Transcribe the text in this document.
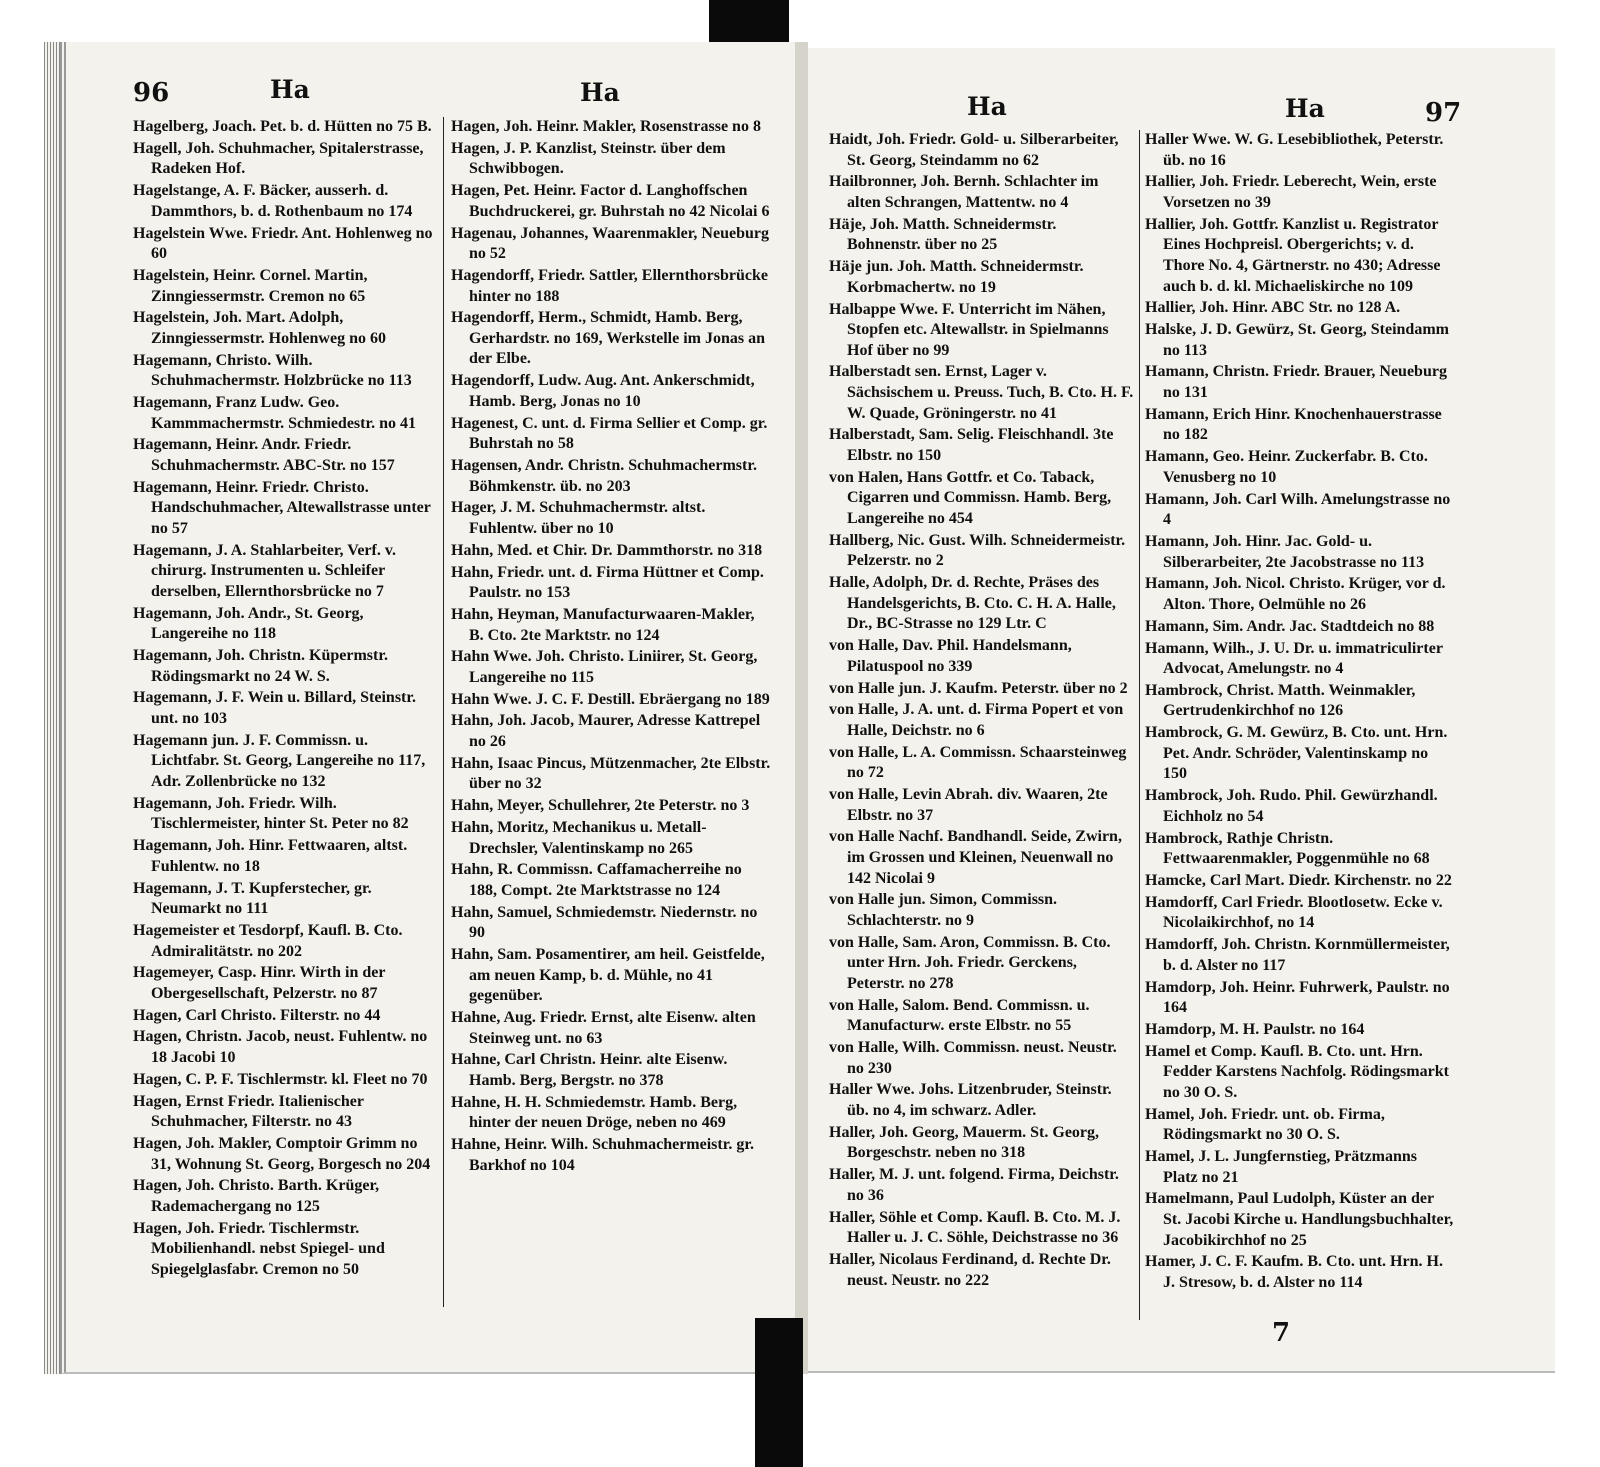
96	Ha	Ha	Ha	Ha	97
Hagelberg, Joach. Pet. b. d. Hütten no 75 B.
Hagell, Joh. Schuhmacher, Spitalerstrasse, Radeken Hof.
Hagelstange, A. F. Bäcker, ausserh. d. Dammthors, b. d. Rothenbaum no 174
Hagelstein Wwe. Friedr. Ant. Hohlenweg no 60
Hagelstein, Heinr. Cornel. Martin, Zinngiessermstr. Cremon no 65
Hagelstein, Joh. Mart. Adolph, Zinngiessermstr. Hohlenweg no 60
Hagemann, Christo. Wilh. Schuhmachermstr. Holzbrücke no 113
Hagemann, Franz Ludw. Geo. Kammmachermstr. Schmiedestr. no 41
Hagemann, Heinr. Andr. Friedr. Schuhmachermstr. ABC-Str. no 157
Hagemann, Heinr. Friedr. Christo. Handschuhmacher, Altewallstrasse unter no 57
Hagemann, J. A. Stahlarbeiter, Verf. v. chirurg. Instrumenten u. Schleifer derselben, Ellernthorsbrücke no 7
Hagemann, Joh. Andr., St. Georg, Langereihe no 118
Hagemann, Joh. Christn. Küpermstr. Rödingsmarkt no 24 W. S.
Hagemann, J. F. Wein u. Billard, Steinstr. unt. no 103
Hagemann jun. J. F. Commissn. u. Lichtfabr. St. Georg, Langereihe no 117, Adr. Zollenbrücke no 132
Hagemann, Joh. Friedr. Wilh. Tischlermeister, hinter St. Peter no 82
Hagemann, Joh. Hinr. Fettwaaren, altst. Fuhlentw. no 18
Hagemann, J. T. Kupferstecher, gr. Neumarkt no 111
Hagemeister et Tesdorpf, Kaufl. B. Cto. Admiralitätstr. no 202
Hagemeyer, Casp. Hinr. Wirth in der Obergesellschaft, Pelzerstr. no 87
Hagen, Carl Christo. Filterstr. no 44
Hagen, Christn. Jacob, neust. Fuhlentw. no 18 Jacobi 10
Hagen, C. P. F. Tischlermstr. kl. Fleet no 70
Hagen, Ernst Friedr. Italienischer Schuhmacher, Filterstr. no 43
Hagen, Joh. Makler, Comptoir Grimm no 31, Wohnung St. Georg, Borgesch no 204
Hagen, Joh. Christo. Barth. Krüger, Rademachergang no 125
Hagen, Joh. Friedr. Tischlermstr. Mobilienhandl. nebst Spiegel- und Spiegelglasfabr. Cremon no 50
Hagen, Joh. Heinr. Makler, Rosenstrasse no 8
Hagen, J. P. Kanzlist, Steinstr. über dem Schwibbogen.
Hagen, Pet. Heinr. Factor d. Langhoffschen Buchdruckerei, gr. Buhrstah no 42 Nicolai 6
Hagenau, Johannes, Waarenmakler, Neueburg no 52
Hagendorff, Friedr. Sattler, Ellernthorsbrücke hinter no 188
Hagendorff, Herm., Schmidt, Hamb. Berg, Gerhardstr. no 169, Werkstelle im Jonas an der Elbe.
Hagendorff, Ludw. Aug. Ant. Ankerschmidt, Hamb. Berg, Jonas no 10
Hagenest, C. unt. d. Firma Sellier et Comp. gr. Buhrstah no 58
Hagensen, Andr. Christn. Schuhmachermstr. Böhmkenstr. üb. no 203
Hager, J. M. Schuhmachermstr. altst. Fuhlentw. über no 10
Hahn, Med. et Chir. Dr. Dammthorstr. no 318
Hahn, Friedr. unt. d. Firma Hüttner et Comp. Paulstr. no 153
Hahn, Heyman, Manufacturwaaren-Makler, B. Cto. 2te Marktstr. no 124
Hahn Wwe. Joh. Christo. Liniirer, St. Georg, Langereihe no 115
Hahn Wwe. J. C. F. Destill. Ebräergang no 189
Hahn, Joh. Jacob, Maurer, Adresse Kattrepel no 26
Hahn, Isaac Pincus, Mützenmacher, 2te Elbstr. über no 32
Hahn, Meyer, Schullehrer, 2te Peterstr. no 3
Hahn, Moritz, Mechanikus u. Metall-Drechsler, Valentinskamp no 265
Hahn, R. Commissn. Caffamacherreihe no 188, Compt. 2te Marktstrasse no 124
Hahn, Samuel, Schmiedemstr. Niedernstr. no 90
Hahn, Sam. Posamentirer, am heil. Geistfelde, am neuen Kamp, b. d. Mühle, no 41 gegenüber.
Hahne, Aug. Friedr. Ernst, alte Eisenw. alten Steinweg unt. no 63
Hahne, Carl Christn. Heinr. alte Eisenw. Hamb. Berg, Bergstr. no 378
Hahne, H. H. Schmiedemstr. Hamb. Berg, hinter der neuen Dröge, neben no 469
Hahne, Heinr. Wilh. Schuhmachermeistr. gr. Barkhof no 104
Haidt, Joh. Friedr. Gold- u. Silberarbeiter, St. Georg, Steindamm no 62
Hailbronner, Joh. Bernh. Schlachter im alten Schrangen, Mattentw. no 4
Häje, Joh. Matth. Schneidermstr. Bohnenstr. über no 25
Häje jun. Joh. Matth. Schneidermstr. Korbmachertw. no 19
Halbappe Wwe. F. Unterricht im Nähen, Stopfen etc. Altewallstr. in Spielmanns Hof über no 99
Halberstadt sen. Ernst, Lager v. Sächsischem u. Preuss. Tuch, B. Cto. H. F. W. Quade, Gröningerstr. no 41
Halberstadt, Sam. Selig. Fleischhandl. 3te Elbstr. no 150
von Halen, Hans Gottfr. et Co. Taback, Cigarren und Commissn. Hamb. Berg, Langereihe no 454
Hallberg, Nic. Gust. Wilh. Schneidermeistr. Pelzerstr. no 2
Halle, Adolph, Dr. d. Rechte, Präses des Handelsgerichts, B. Cto. C. H. A. Halle, Dr., BC-Strasse no 129 Ltr. C
von Halle, Dav. Phil. Handelsmann, Pilatuspool no 339
von Halle jun. J. Kaufm. Peterstr. über no 2
von Halle, J. A. unt. d. Firma Popert et von Halle, Deichstr. no 6
von Halle, L. A. Commissn. Schaarsteinweg no 72
von Halle, Levin Abrah. div. Waaren, 2te Elbstr. no 37
von Halle Nachf. Bandhandl. Seide, Zwirn, im Grossen und Kleinen, Neuenwall no 142 Nicolai 9
von Halle jun. Simon, Commissn. Schlachterstr. no 9
von Halle, Sam. Aron, Commissn. B. Cto. unter Hrn. Joh. Friedr. Gerckens, Peterstr. no 278
von Halle, Salom. Bend. Commissn. u. Manufacturw. erste Elbstr. no 55
von Halle, Wilh. Commissn. neust. Neustr. no 230
Haller Wwe. Johs. Litzenbruder, Steinstr. üb. no 4, im schwarz. Adler.
Haller, Joh. Georg, Mauerm. St. Georg, Borgeschstr. neben no 318
Haller, M. J. unt. folgend. Firma, Deichstr. no 36
Haller, Söhle et Comp. Kaufl. B. Cto. M. J. Haller u. J. C. Söhle, Deichstrasse no 36
Haller, Nicolaus Ferdinand, d. Rechte Dr. neust. Neustr. no 222
Haller Wwe. W. G. Lesebibliothek, Peterstr. üb. no 16
Hallier, Joh. Friedr. Leberecht, Wein, erste Vorsetzen no 39
Hallier, Joh. Gottfr. Kanzlist u. Registrator Eines Hochpreisl. Obergerichts; v. d. Thore No. 4, Gärtnerstr. no 430; Adresse auch b. d. kl. Michaeliskirche no 109
Hallier, Joh. Hinr. ABC Str. no 128 A.
Halske, J. D. Gewürz, St. Georg, Steindamm no 113
Hamann, Christn. Friedr. Brauer, Neueburg no 131
Hamann, Erich Hinr. Knochenhauerstrasse no 182
Hamann, Geo. Heinr. Zuckerfabr. B. Cto. Venusberg no 10
Hamann, Joh. Carl Wilh. Amelungstrasse no 4
Hamann, Joh. Hinr. Jac. Gold- u. Silberarbeiter, 2te Jacobstrasse no 113
Hamann, Joh. Nicol. Christo. Krüger, vor d. Alton. Thore, Oelmühle no 26
Hamann, Sim. Andr. Jac. Stadtdeich no 88
Hamann, Wilh., J. U. Dr. u. immatriculirter Advocat, Amelungstr. no 4
Hambrock, Christ. Matth. Weinmakler, Gertrudenkirchhof no 126
Hambrock, G. M. Gewürz, B. Cto. unt. Hrn. Pet. Andr. Schröder, Valentinskamp no 150
Hambrock, Joh. Rudo. Phil. Gewürzhandl. Eichholz no 54
Hambrock, Rathje Christn. Fettwaarenmakler, Poggenmühle no 68
Hamcke, Carl Mart. Diedr. Kirchenstr. no 22
Hamdorff, Carl Friedr. Blootlosetw. Ecke v. Nicolaikirchhof, no 14
Hamdorff, Joh. Christn. Kornmüllermeister, b. d. Alster no 117
Hamdorp, Joh. Heinr. Fuhrwerk, Paulstr. no 164
Hamdorp, M. H. Paulstr. no 164
Hamel et Comp. Kaufl. B. Cto. unt. Hrn. Fedder Karstens Nachfolg. Rödingsmarkt no 30 O. S.
Hamel, Joh. Friedr. unt. ob. Firma, Rödingsmarkt no 30 O. S.
Hamel, J. L. Jungfernstieg, Prätzmanns Platz no 21
Hamelmann, Paul Ludolph, Küster an der St. Jacobi Kirche u. Handlungsbuchhalter, Jacobikirchhof no 25
Hamer, J. C. F. Kaufm. B. Cto. unt. Hrn. H. J. Stresow, b. d. Alster no 114
7
